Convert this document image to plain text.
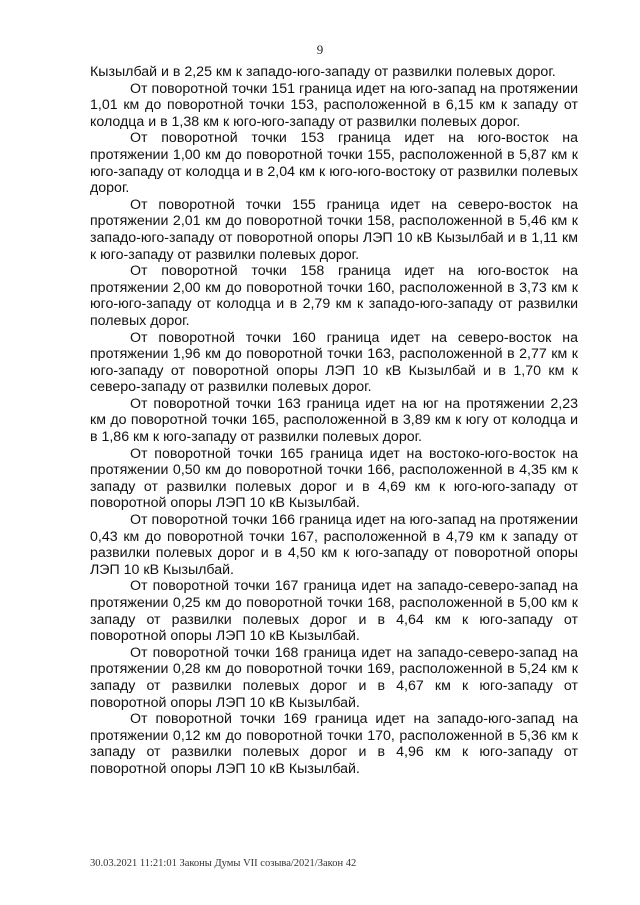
9

Кызылбай и в 2,25 км к западо-юго-западу от развилки полевых дорог.

От поворотной точки 151 граница идет на юго-запад на протяжении 1,01 км до поворотной точки 153, расположенной в 6,15 км к западу от колодца и в 1,38 км к юго-юго-западу от развилки полевых дорог.

От поворотной точки 153 граница идет на юго-восток на протяжении 1,00 км до поворотной точки 155, расположенной в 5,87 км к юго-западу от колодца и в 2,04 км к юго-юго-востоку от развилки полевых дорог.

От поворотной точки 155 граница идет на северо-восток на протяжении 2,01 км до поворотной точки 158, расположенной в 5,46 км к западо-юго-западу от поворотной опоры ЛЭП 10 кВ Кызылбай и в 1,11 км к юго-западу от развилки полевых дорог.

От поворотной точки 158 граница идет на юго-восток на протяжении 2,00 км до поворотной точки 160, расположенной в 3,73 км к юго-юго-западу от колодца и в 2,79 км к западо-юго-западу от развилки полевых дорог.

От поворотной точки 160 граница идет на северо-восток на протяжении 1,96 км до поворотной точки 163, расположенной в 2,77 км к юго-западу от поворотной опоры ЛЭП 10 кВ Кызылбай и в 1,70 км к северо-западу от развилки полевых дорог.

От поворотной точки 163 граница идет на юг на протяжении 2,23 км до поворотной точки 165, расположенной в 3,89 км к югу от колодца и в 1,86 км к юго-западу от развилки полевых дорог.

От поворотной точки 165 граница идет на востоко-юго-восток на протяжении 0,50 км до поворотной точки 166, расположенной в 4,35 км к западу от развилки полевых дорог и в 4,69 км к юго-юго-западу от поворотной опоры ЛЭП 10 кВ Кызылбай.

От поворотной точки 166 граница идет на юго-запад на протяжении 0,43 км до поворотной точки 167, расположенной в 4,79 км к западу от развилки полевых дорог и в 4,50 км к юго-западу от поворотной опоры ЛЭП 10 кВ Кызылбай.

От поворотной точки 167 граница идет на западо-северо-запад на протяжении 0,25 км до поворотной точки 168, расположенной в 5,00 км к западу от развилки полевых дорог и в 4,64 км к юго-западу от поворотной опоры ЛЭП 10 кВ Кызылбай.

От поворотной точки 168 граница идет на западо-северо-запад на протяжении 0,28 км до поворотной точки 169, расположенной в 5,24 км к западу от развилки полевых дорог и в 4,67 км к юго-западу от поворотной опоры ЛЭП 10 кВ Кызылбай.

От поворотной точки 169 граница идет на западо-юго-запад на протяжении 0,12 км до поворотной точки 170, расположенной в 5,36 км к западу от развилки полевых дорог и в 4,96 км к юго-западу от поворотной опоры ЛЭП 10 кВ Кызылбай.

30.03.2021 11:21:01 Законы Думы VII созыва/2021/Закон 42
